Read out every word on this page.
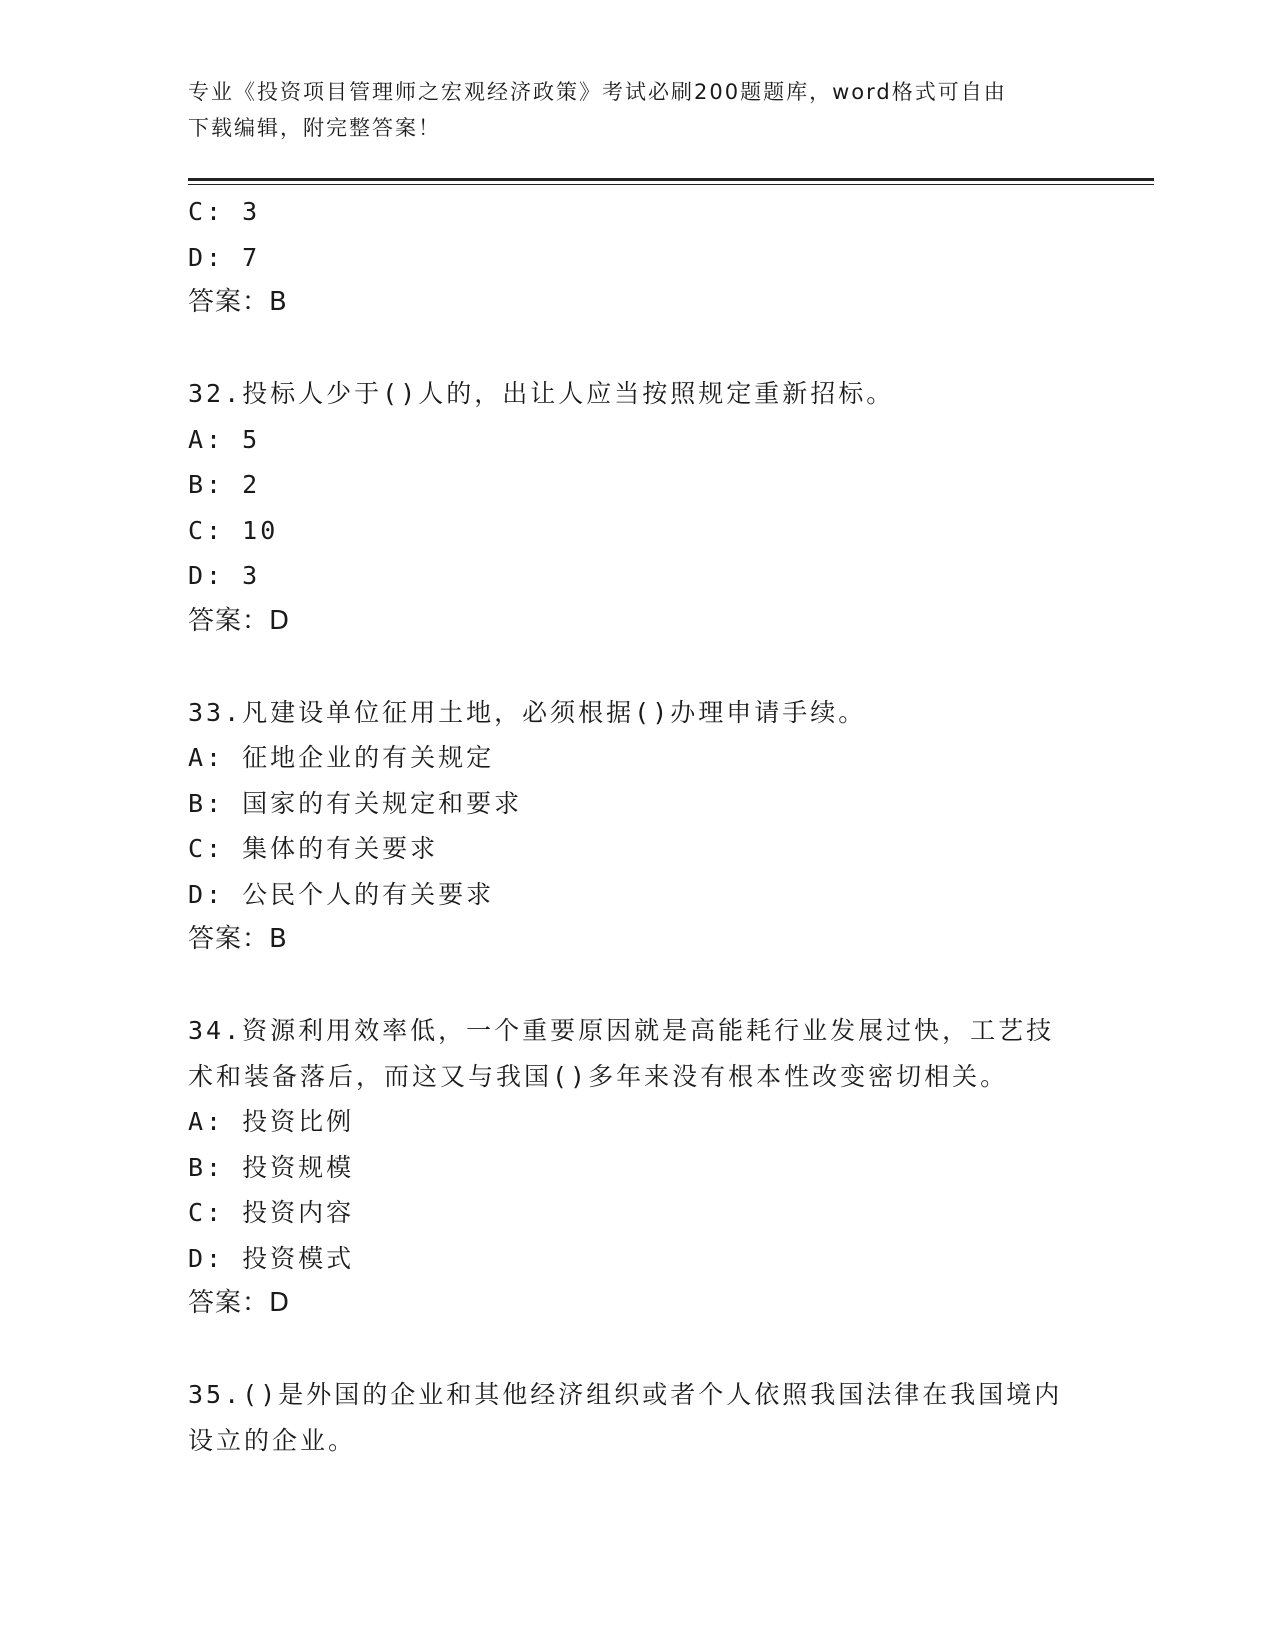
专业《投资项目管理师之宏观经济政策》考试必刷200题题库，word格式可自由
下载编辑，附完整答案！

C: 3

D: 7

答案：B

32.投标人少于()人的，出让人应当按照规定重新招标。

A: 5

B: 2

C: 10

D: 3

答案：D

33.凡建设单位征用土地，必须根据()办理申请手续。

A: 征地企业的有关规定

B: 国家的有关规定和要求

C: 集体的有关要求

D: 公民个人的有关要求

答案：B

34.资源利用效率低，一个重要原因就是高能耗行业发展过快，工艺技

术和装备落后，而这又与我国()多年来没有根本性改变密切相关。

A: 投资比例

B: 投资规模

C: 投资内容

D: 投资模式

答案：D

35.()是外国的企业和其他经济组织或者个人依照我国法律在我国境内

设立的企业。
